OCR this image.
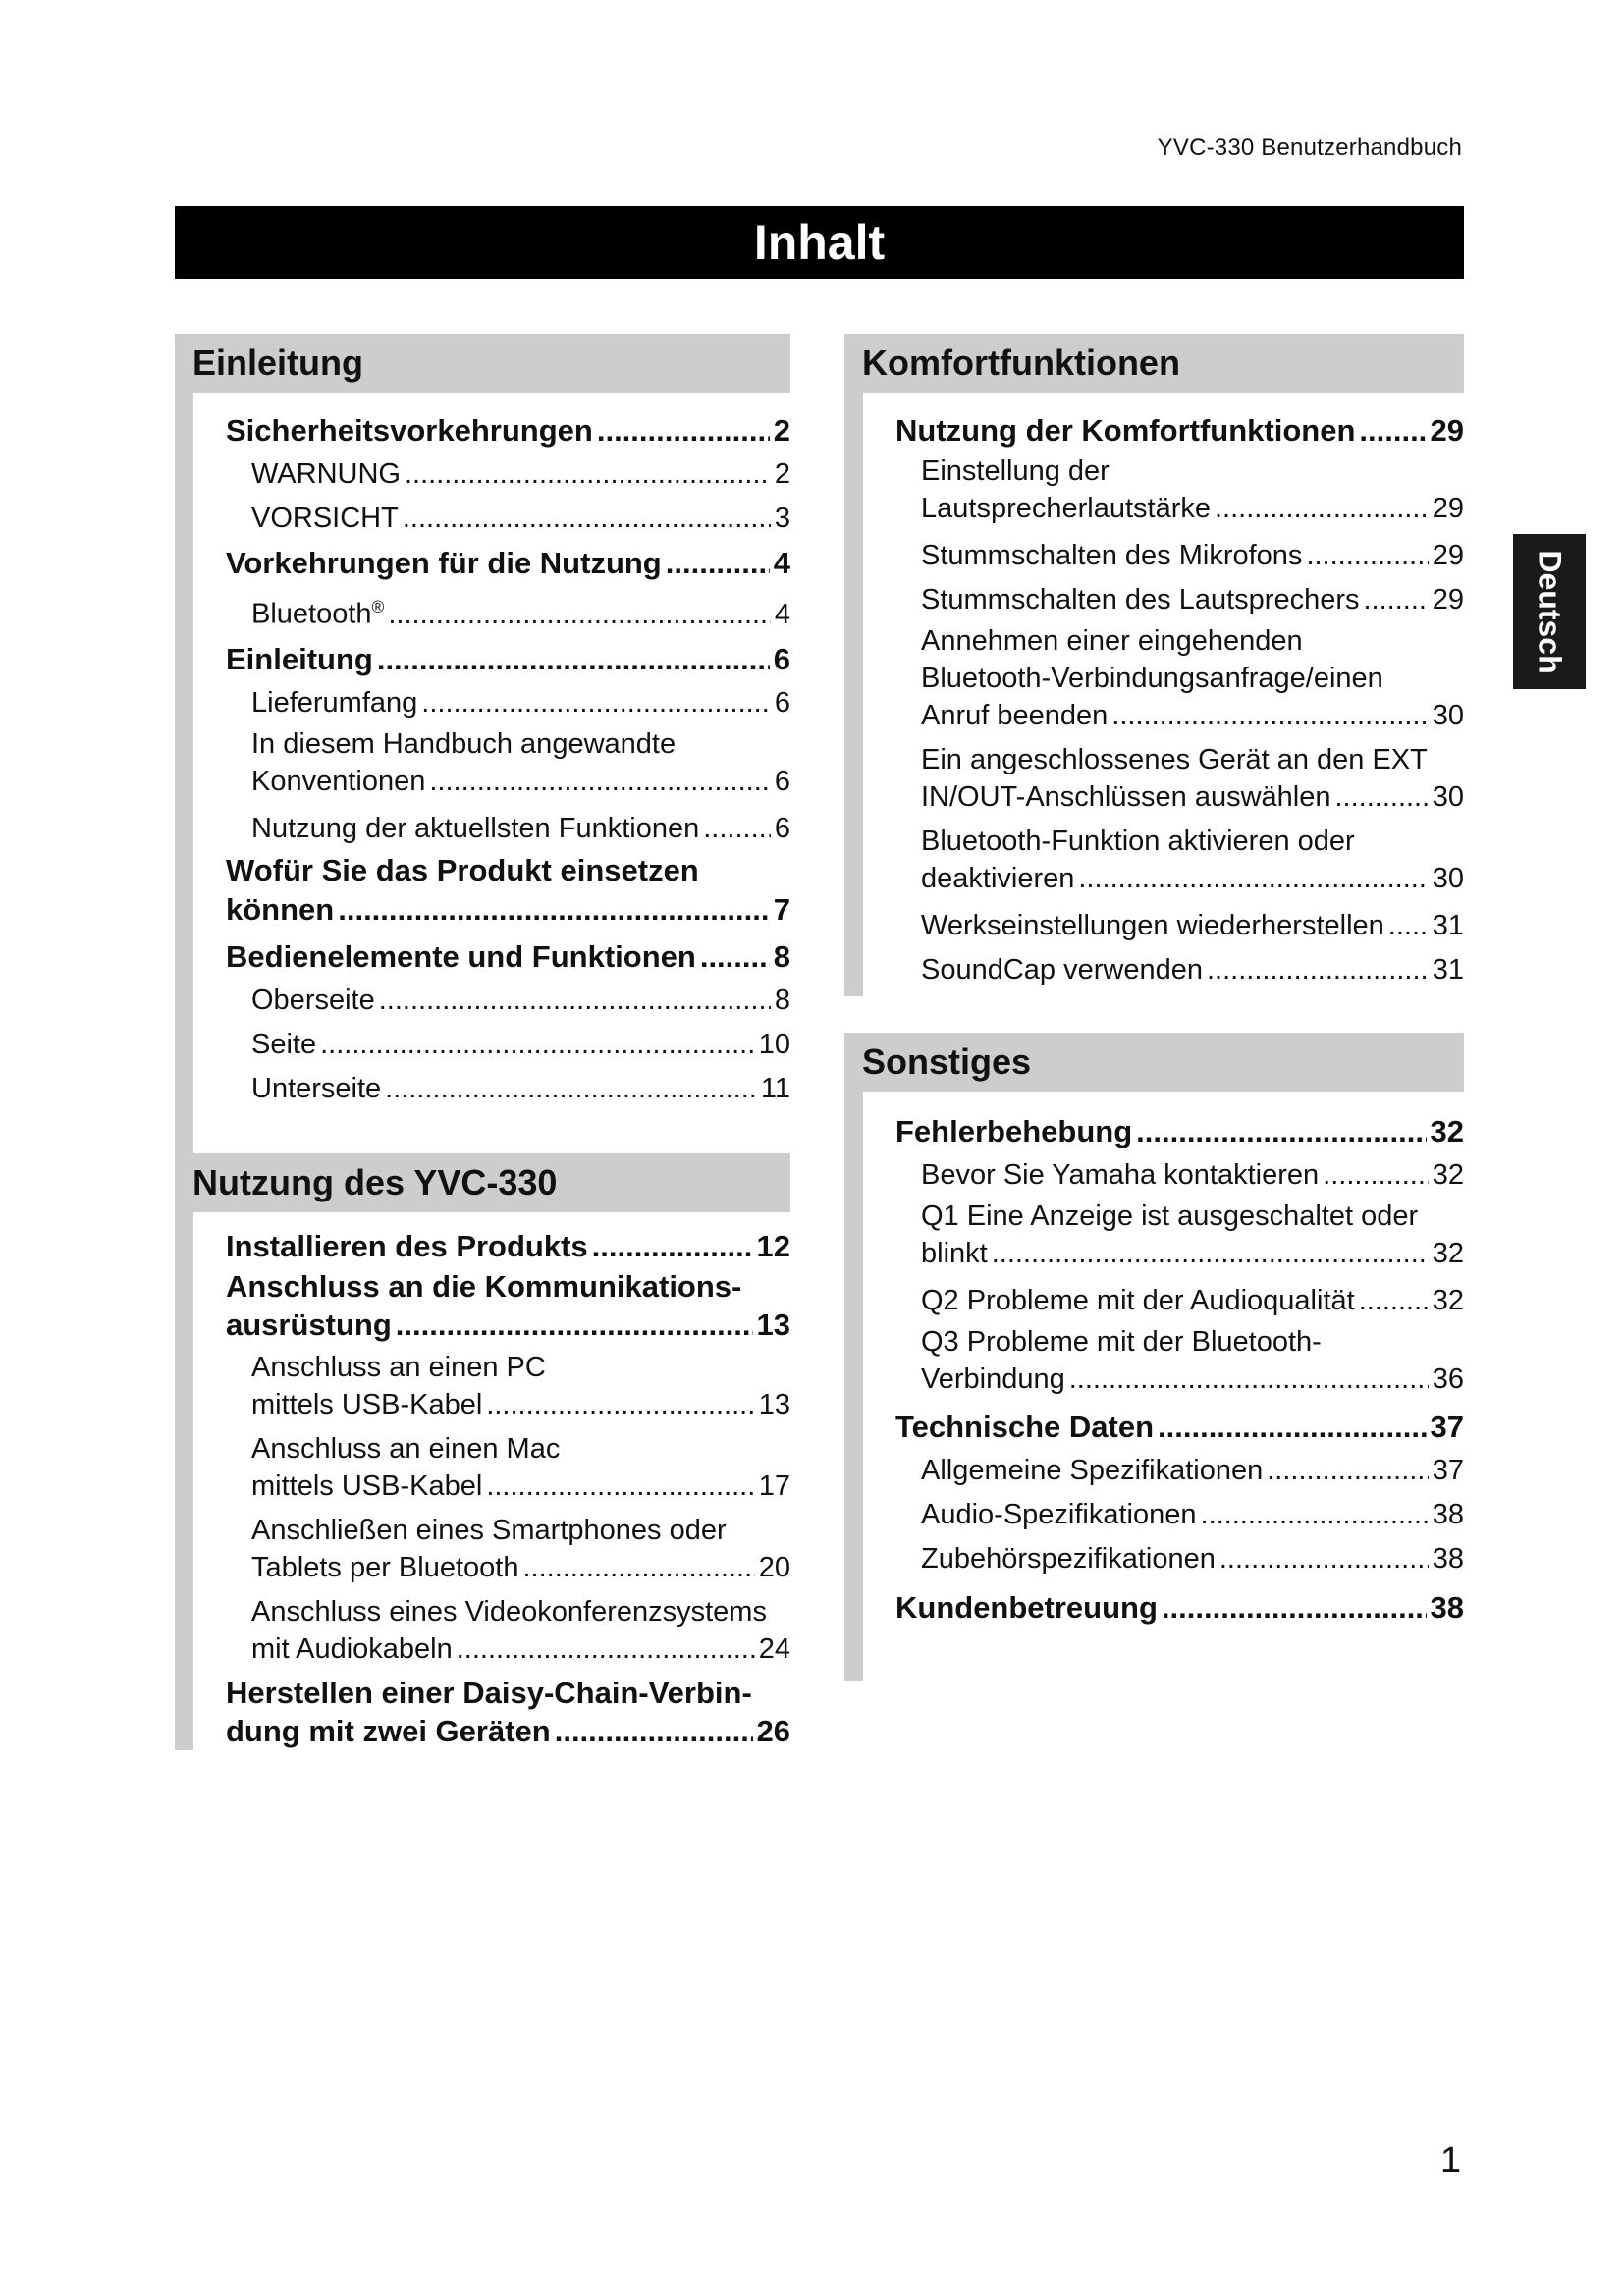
YVC-330 Benutzerhandbuch
Inhalt
Einleitung
Sicherheitsvorkehrungen .....	2
WARNUNG .....	2
VORSICHT .....	3
Vorkehrungen für die Nutzung .....	4
Bluetooth® .....	4
Einleitung .....	6
Lieferumfang .....	6
In diesem Handbuch angewandte
Konventionen .....	6
Nutzung der aktuellsten Funktionen .....	6
Wofür Sie das Produkt einsetzen
können .....	7
Bedienelemente und Funktionen .....	8
Oberseite .....	8
Seite .....	10
Unterseite .....	11
Nutzung des YVC-330
Installieren des Produkts .....	12
Anschluss an die Kommunikations-
ausrüstung .....	13
Anschluss an einen PC
mittels USB-Kabel .....	13
Anschluss an einen Mac
mittels USB-Kabel .....	17
Anschließen eines Smartphones oder
Tablets per Bluetooth .....	20
Anschluss eines Videokonferenzsystems
mit Audiokabeln .....	24
Herstellen einer Daisy-Chain-Verbin-
dung mit zwei Geräten .....	26
Komfortfunktionen
Nutzung der Komfortfunktionen ..... 29
Einstellung der
Lautsprecherlautstärke .....	29
Stummschalten des Mikrofons .....	29
Stummschalten des Lautsprechers .....	29
Annehmen einer eingehenden
Bluetooth-Verbindungsanfrage/einen
Anruf beenden .....	30
Ein angeschlossenes Gerät an den EXT
IN/OUT-Anschlüssen auswählen .....	30
Bluetooth-Funktion aktivieren oder
deaktivieren .....	30
Werkseinstellungen wiederherstellen ..... 31
SoundCap verwenden .....	31
Sonstiges
Fehlerbehebung .....	32
Bevor Sie Yamaha kontaktieren .....	32
Q1 Eine Anzeige ist ausgeschaltet oder
blinkt .....	32
Q2 Probleme mit der Audioqualität .....	32
Q3 Probleme mit der Bluetooth-
Verbindung .....	36
Technische Daten .....	37
Allgemeine Spezifikationen .....	37
Audio-Spezifikationen .....	38
Zubehörspezifikationen .....	38
Kundenbetreuung .....	38
Deutsch
1
